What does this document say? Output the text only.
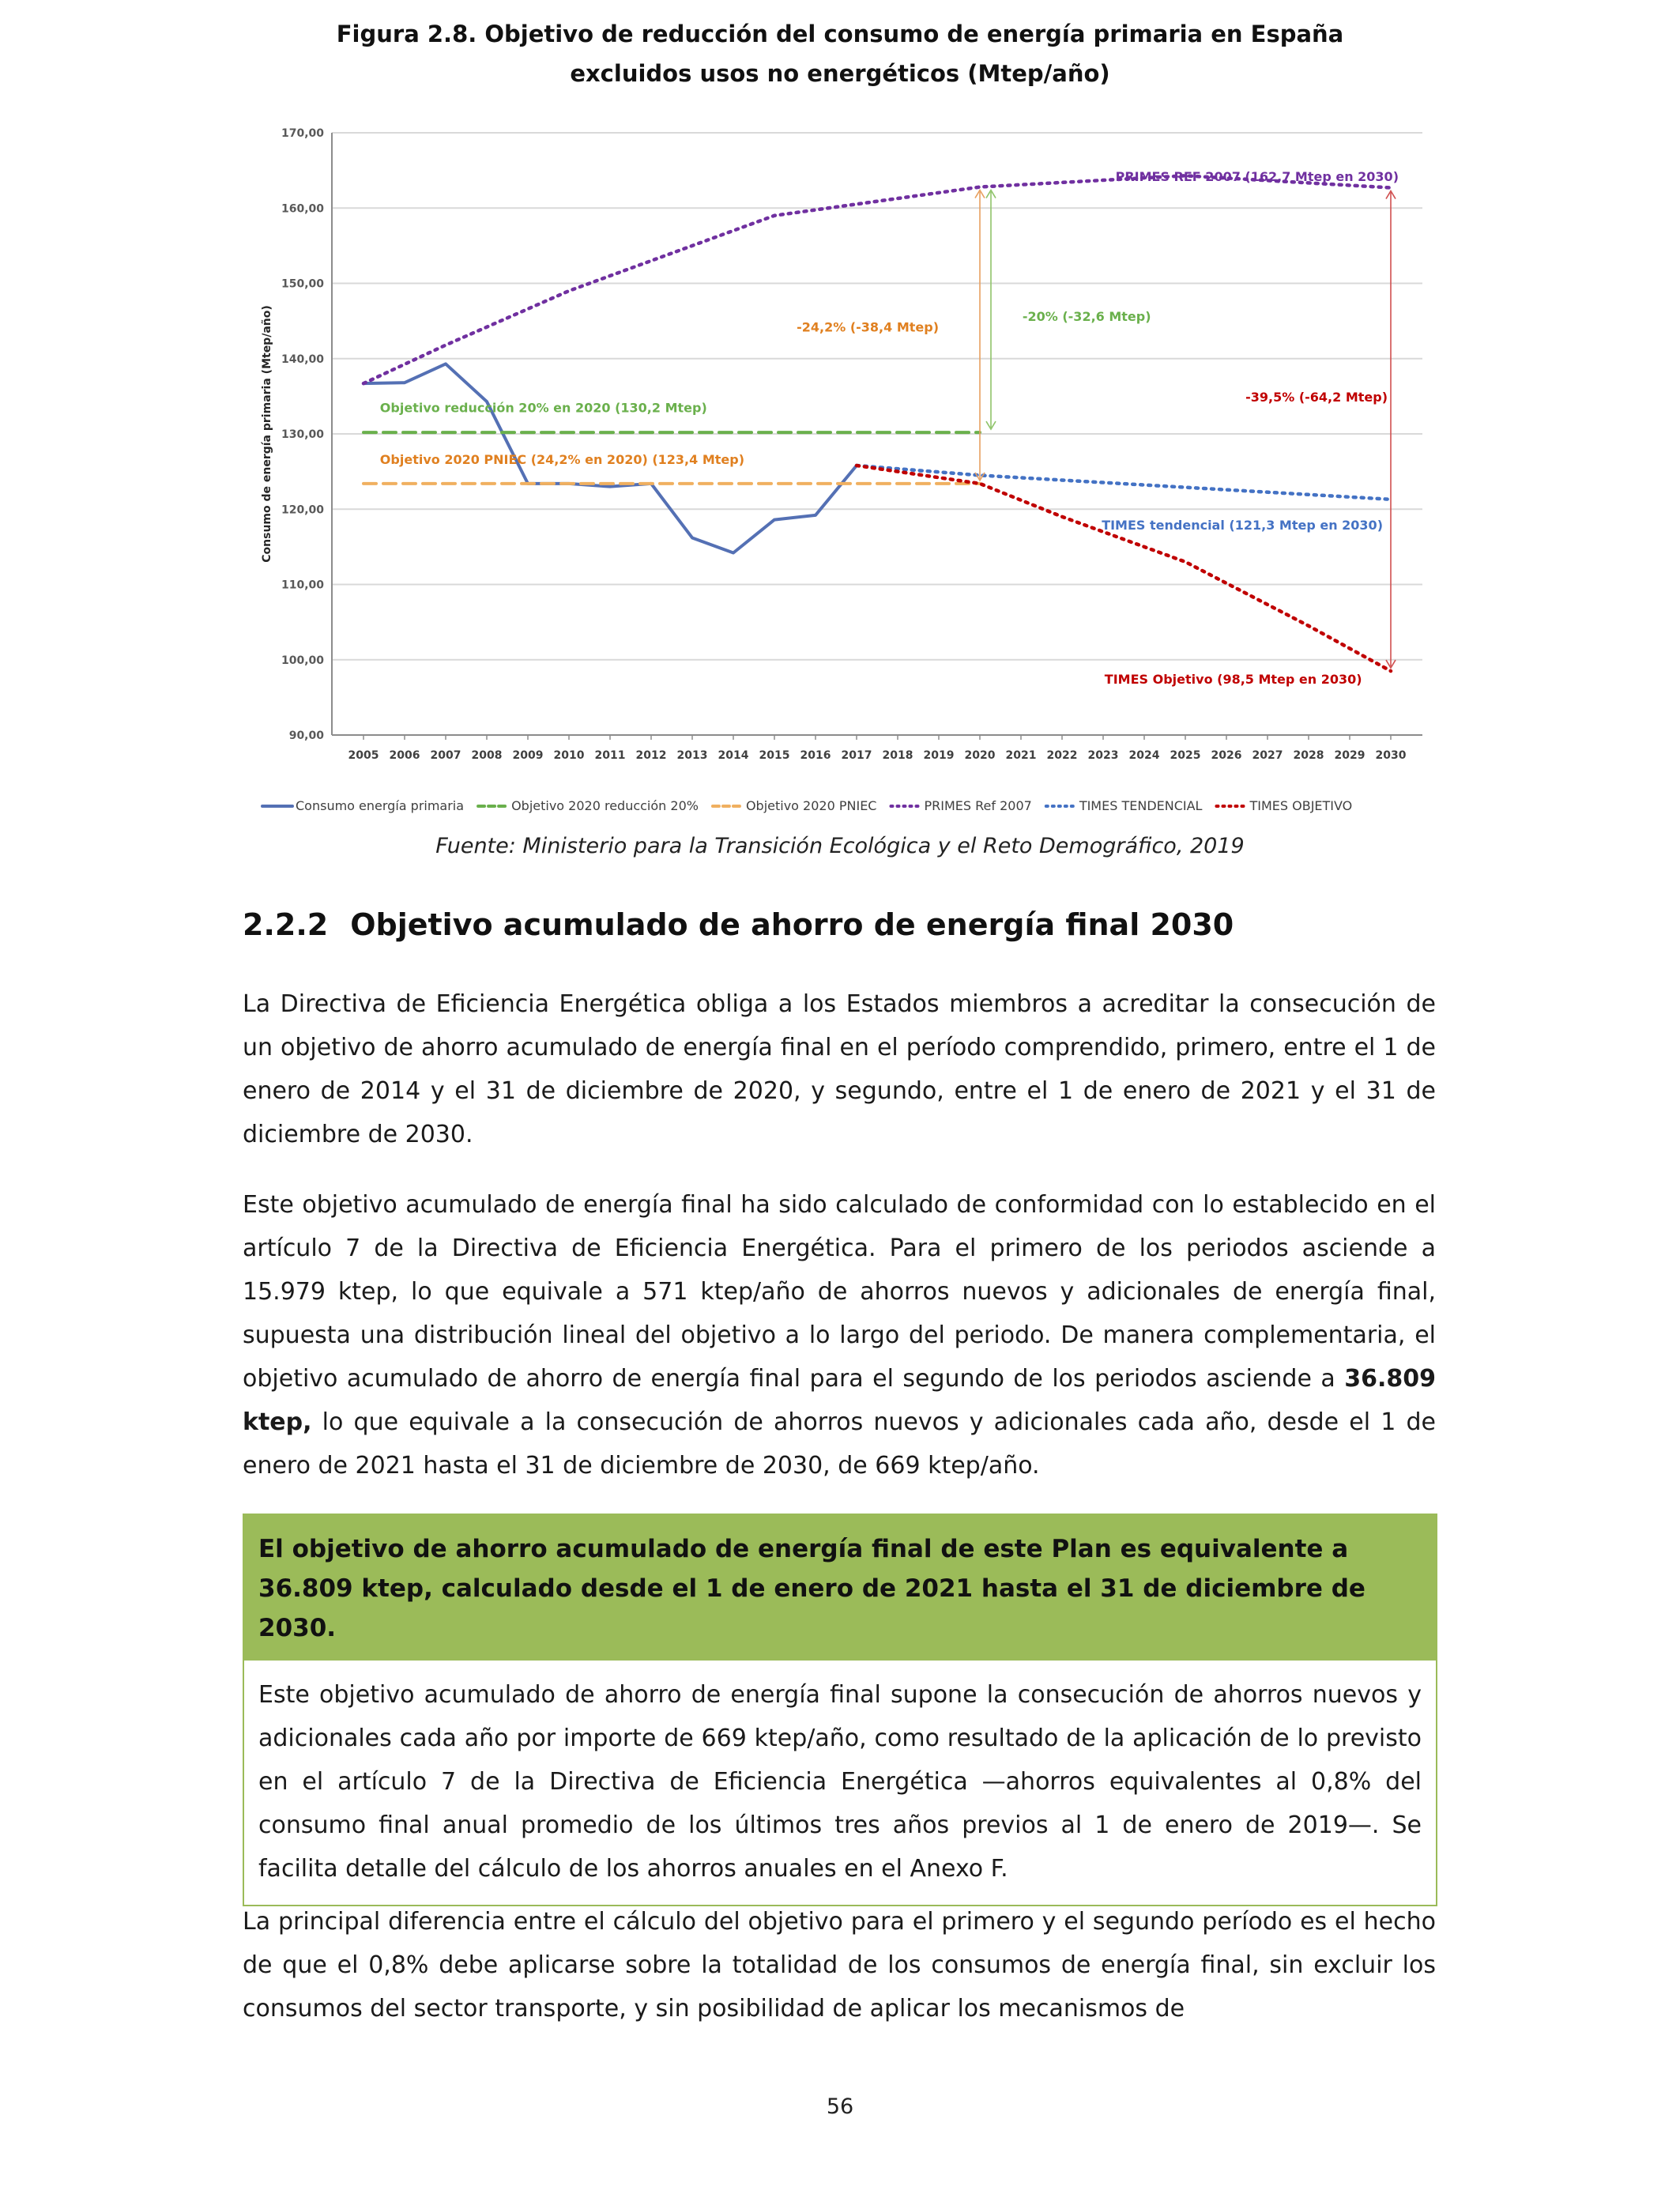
Figura 2.8. Objetivo de reducción del consumo de energía primaria en España
excluidos usos no energéticos (Mtep/año)
90,00
100,00
110,00
120,00
130,00
140,00
150,00
160,00
170,00
2005 2006 2007 2008 2009 2010 2011 2012 2013 2014 2015 2016 2017 2018 2019 2020 2021 2022 2023 2024 2025 2026 2027 2028 2029 2030
Consumo de energía primaria (Mtep/año)
PRIMES REF 2007 (162,7 Mtep en 2030)
-24,2% (-38,4 Mtep)
-20% (-32,6 Mtep)
-39,5% (-64,2 Mtep)
Objetivo reducción 20% en 2020 (130,2 Mtep)
Objetivo 2020 PNIEC (24,2% en 2020) (123,4 Mtep)
TIMES tendencial (121,3 Mtep en 2030)
TIMES Objetivo (98,5 Mtep en 2030)
Consumo energía primaria	Objetivo 2020 reducción 20%	Objetivo 2020 PNIEC	PRIMES Ref 2007	TIMES TENDENCIAL	TIMES OBJETIVO
Fuente: Ministerio para la Transición Ecológica y el Reto Demográfico, 2019
2.2.2 Objetivo acumulado de ahorro de energía final 2030
La Directiva de Eficiencia Energética obliga a los Estados miembros a acreditar la consecución de un objetivo de ahorro acumulado de energía final en el período comprendido, primero, entre el 1 de enero de 2014 y el 31 de diciembre de 2020, y segundo, entre el 1 de enero de 2021 y el 31 de diciembre de 2030.
Este objetivo acumulado de energía final ha sido calculado de conformidad con lo establecido en el artículo 7 de la Directiva de Eficiencia Energética. Para el primero de los periodos asciende a 15.979 ktep, lo que equivale a 571 ktep/año de ahorros nuevos y adicionales de energía final, supuesta una distribución lineal del objetivo a lo largo del periodo. De manera complementaria, el objetivo acumulado de ahorro de energía final para el segundo de los periodos asciende a 36.809 ktep, lo que equivale a la consecución de ahorros nuevos y adicionales cada año, desde el 1 de enero de 2021 hasta el 31 de diciembre de 2030, de 669 ktep/año.
El objetivo de ahorro acumulado de energía final de este Plan es equivalente a 36.809 ktep, calculado desde el 1 de enero de 2021 hasta el 31 de diciembre de 2030.
Este objetivo acumulado de ahorro de energía final supone la consecución de ahorros nuevos y adicionales cada año por importe de 669 ktep/año, como resultado de la aplicación de lo previsto en el artículo 7 de la Directiva de Eficiencia Energética —ahorros equivalentes al 0,8% del consumo final anual promedio de los últimos tres años previos al 1 de enero de 2019—. Se facilita detalle del cálculo de los ahorros anuales en el Anexo F.
La principal diferencia entre el cálculo del objetivo para el primero y el segundo período es el hecho de que el 0,8% debe aplicarse sobre la totalidad de los consumos de energía final, sin excluir los consumos del sector transporte, y sin posibilidad de aplicar los mecanismos de
56
